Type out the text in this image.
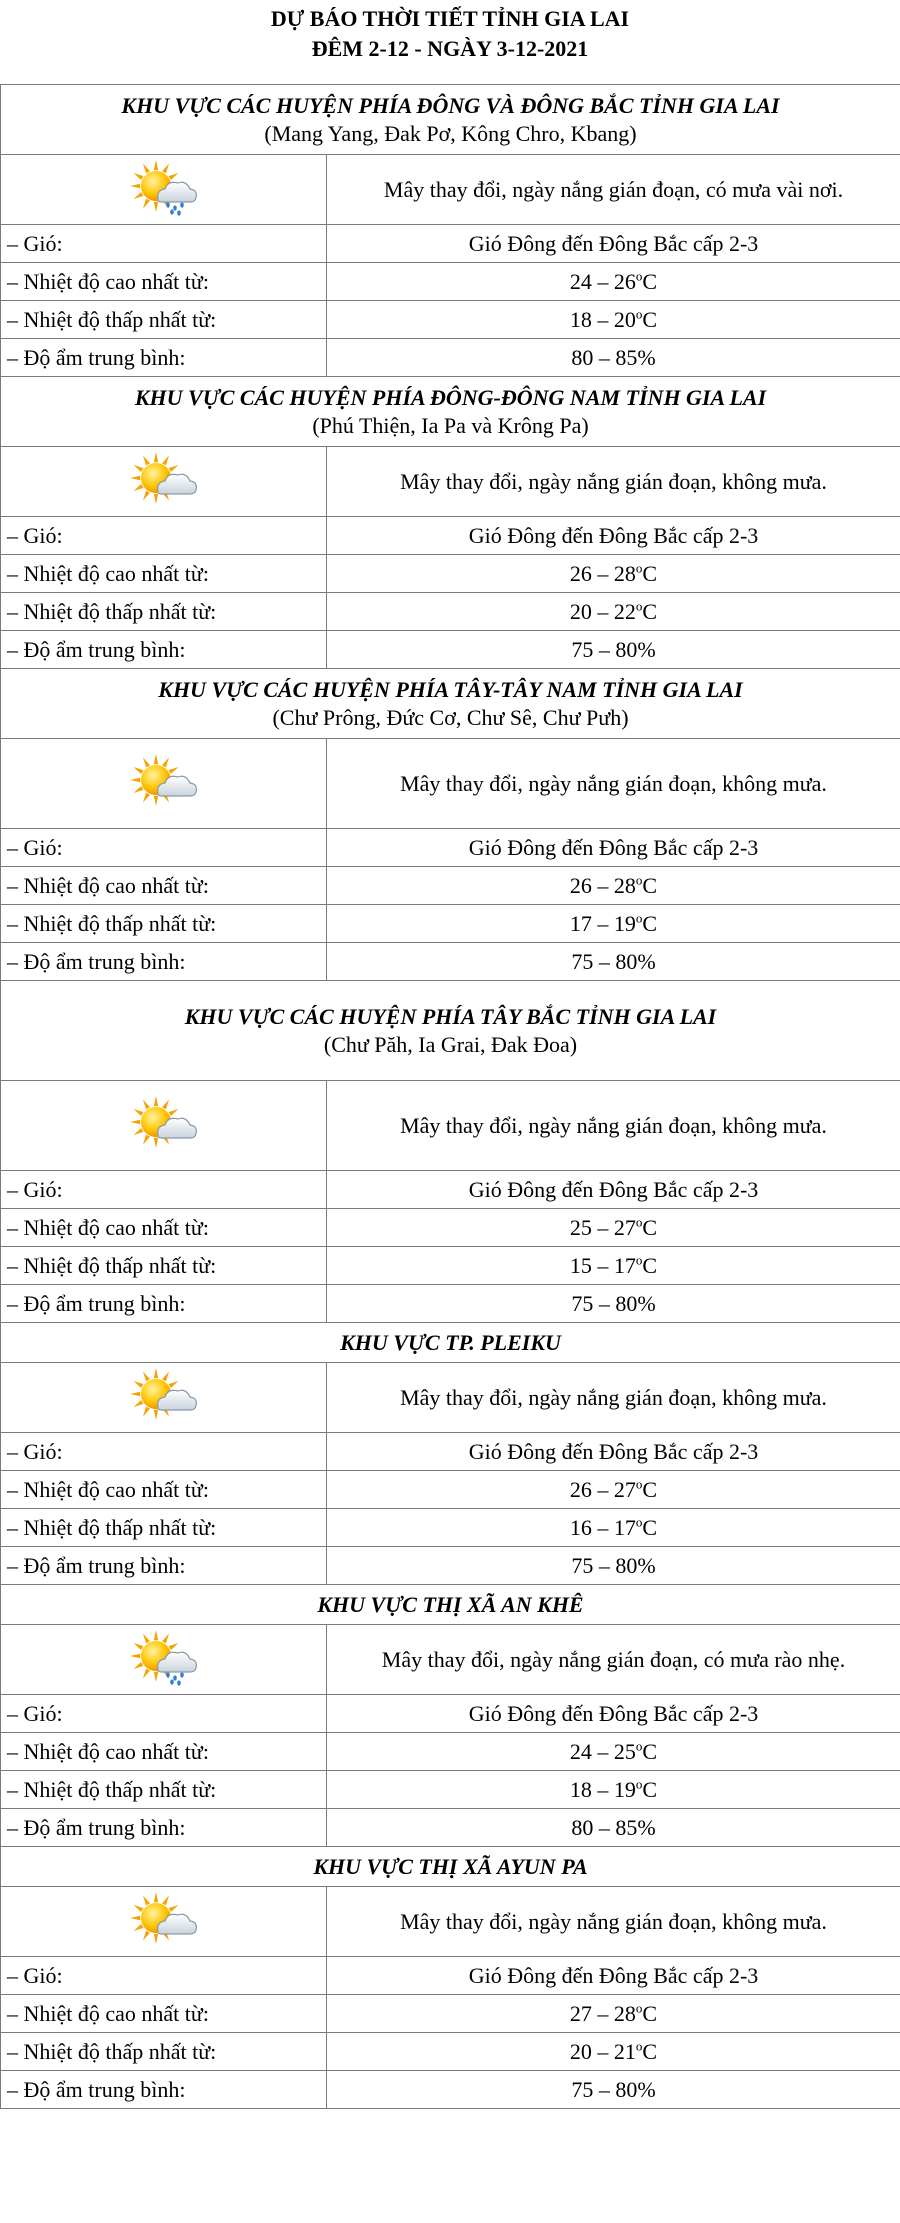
DỰ BÁO THỜI TIẾT TỈNH GIA LAI
ĐÊM 2-12 - NGÀY 3-12-2021
KHU VỰC CÁC HUYỆN PHÍA ĐÔNG VÀ ĐÔNG BẮC TỈNH GIA LAI
(Mang Yang, Đak Pơ, Kông Chro, Kbang)	

	Mây thay đổi, ngày nắng gián đoạn, có mưa vài nơi.
– Gió:	Gió Đông đến Đông Bắc cấp 2-3
– Nhiệt độ cao nhất từ:	24 – 26$^o$C
– Nhiệt độ thấp nhất từ:	18 – 20$^o$C
– Độ ẩm trung bình:	80 – 85%

KHU VỰC CÁC HUYỆN PHÍA ĐÔNG-ĐÔNG NAM TỈNH GIA LAI
(Phú Thiện, Ia Pa và Krông Pa)	

	Mây thay đổi, ngày nắng gián đoạn, không mưa.
– Gió:	Gió Đông đến Đông Bắc cấp 2-3
– Nhiệt độ cao nhất từ:	26 – 28$^o$C
– Nhiệt độ thấp nhất từ:	20 – 22$^o$C
– Độ ẩm trung bình:	75 – 80%

KHU VỰC CÁC HUYỆN PHÍA TÂY-TÂY NAM TỈNH GIA LAI
(Chư Prông, Đức Cơ, Chư Sê, Chư Pưh)	

	Mây thay đổi, ngày nắng gián đoạn, không mưa.
– Gió:	Gió Đông đến Đông Bắc cấp 2-3
– Nhiệt độ cao nhất từ:	26 – 28$^o$C
– Nhiệt độ thấp nhất từ:	17 – 19$^o$C
– Độ ẩm trung bình:	75 – 80%

KHU VỰC CÁC HUYỆN PHÍA TÂY BẮC TỈNH GIA LAI
(Chư Păh, Ia Grai, Đak Đoa)	

	Mây thay đổi, ngày nắng gián đoạn, không mưa.
– Gió:	Gió Đông đến Đông Bắc cấp 2-3
– Nhiệt độ cao nhất từ:	25 – 27$^o$C
– Nhiệt độ thấp nhất từ:	15 – 17$^o$C
– Độ ẩm trung bình:	75 – 80%

KHU VỰC TP. PLEIKU	

	Mây thay đổi, ngày nắng gián đoạn, không mưa.
– Gió:	Gió Đông đến Đông Bắc cấp 2-3
– Nhiệt độ cao nhất từ:	26 – 27$^o$C
– Nhiệt độ thấp nhất từ:	16 – 17$^o$C
– Độ ẩm trung bình:	75 – 80%

KHU VỰC THỊ XÃ AN KHÊ	

	Mây thay đổi, ngày nắng gián đoạn, có mưa rào nhẹ.
– Gió:	Gió Đông đến Đông Bắc cấp 2-3
– Nhiệt độ cao nhất từ:	24 – 25$^o$C
– Nhiệt độ thấp nhất từ:	18 – 19$^o$C
– Độ ẩm trung bình:	80 – 85%

KHU VỰC THỊ XÃ AYUN PA	

	Mây thay đổi, ngày nắng gián đoạn, không mưa.
– Gió:	Gió Đông đến Đông Bắc cấp 2-3
– Nhiệt độ cao nhất từ:	27 – 28$^o$C
– Nhiệt độ thấp nhất từ:	20 – 21$^o$C
– Độ ẩm trung bình:	75 – 80%
